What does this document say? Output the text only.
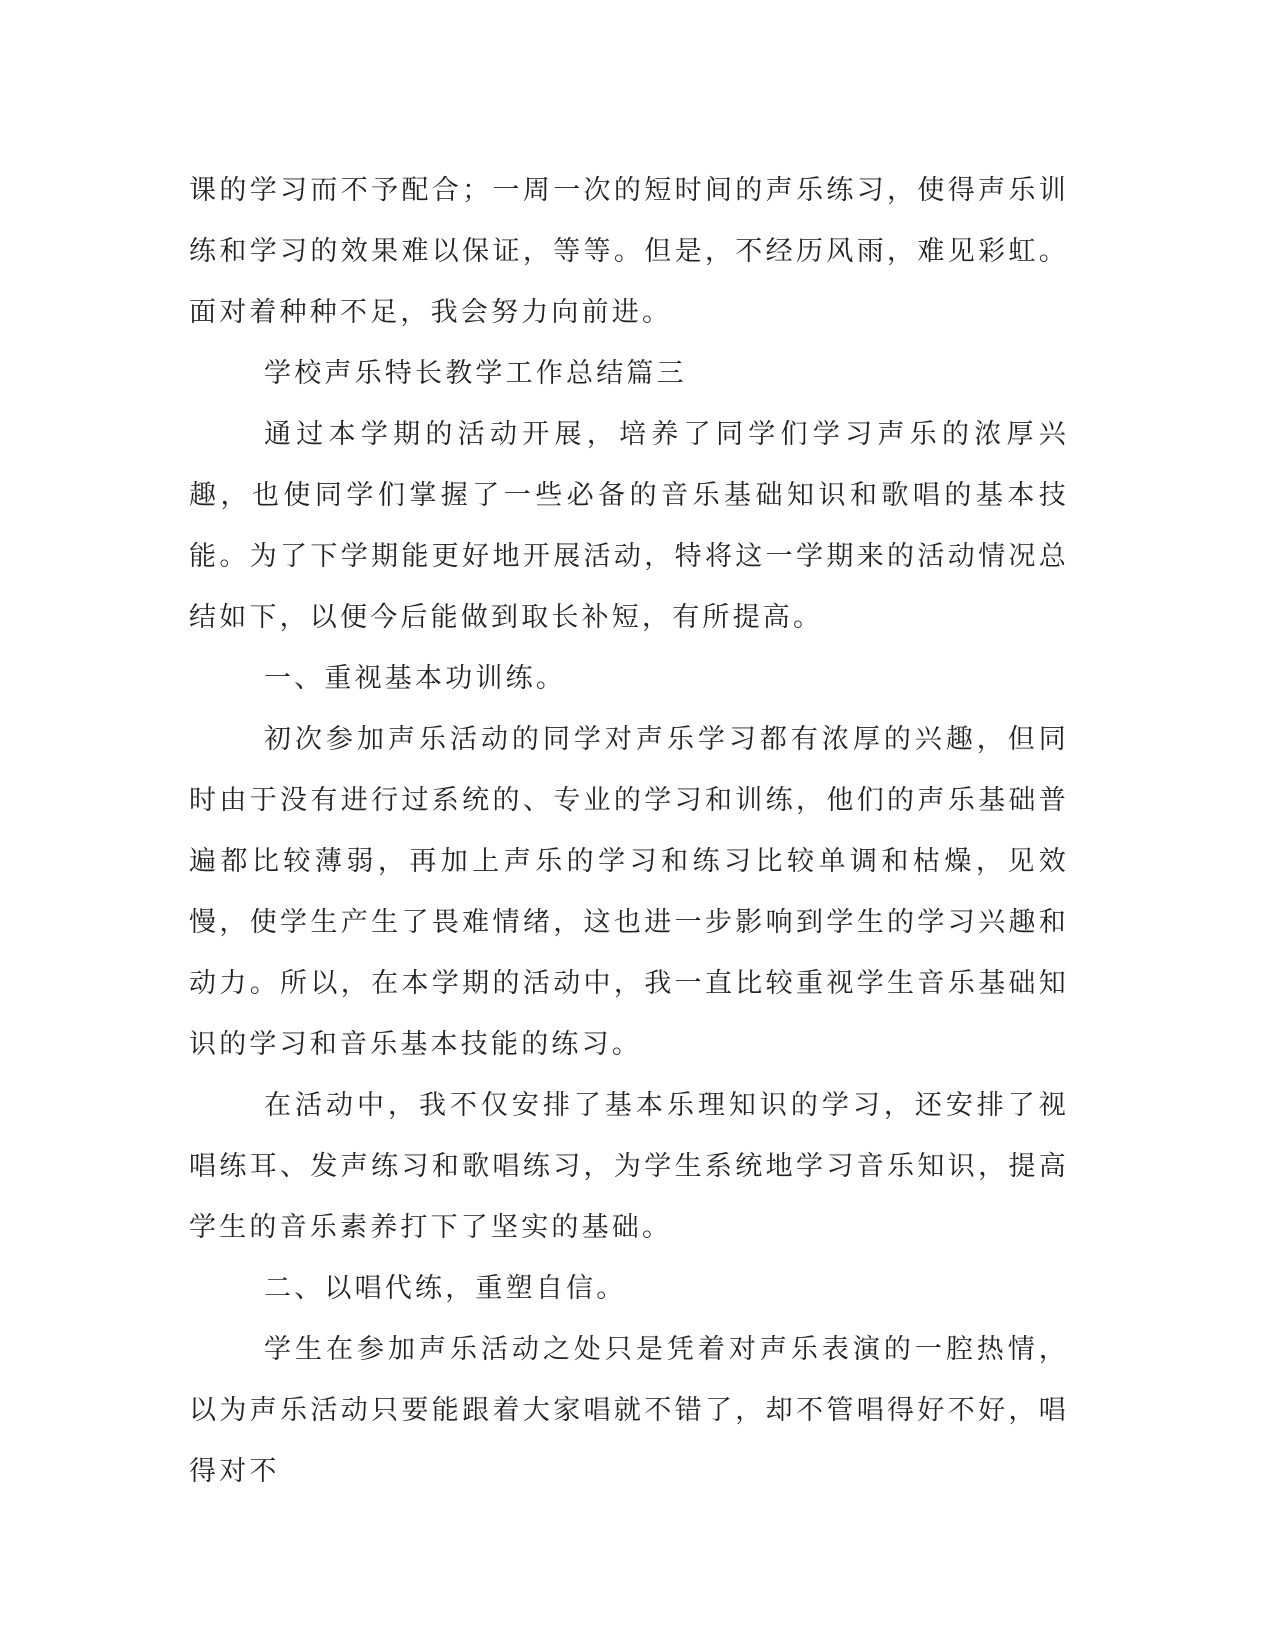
课的学习而不予配合；一周一次的短时间的声乐练习，使得声乐训练和学习的效果难以保证，等等。但是，不经历风雨，难见彩虹。面对着种种不足，我会努力向前进。

学校声乐特长教学工作总结篇三

通过本学期的活动开展，培养了同学们学习声乐的浓厚兴趣，也使同学们掌握了一些必备的音乐基础知识和歌唱的基本技能。为了下学期能更好地开展活动，特将这一学期来的活动情况总结如下，以便今后能做到取长补短，有所提高。

一、重视基本功训练。

初次参加声乐活动的同学对声乐学习都有浓厚的兴趣，但同时由于没有进行过系统的、专业的学习和训练，他们的声乐基础普遍都比较薄弱，再加上声乐的学习和练习比较单调和枯燥，见效慢，使学生产生了畏难情绪，这也进一步影响到学生的学习兴趣和动力。所以，在本学期的活动中，我一直比较重视学生音乐基础知识的学习和音乐基本技能的练习。

在活动中，我不仅安排了基本乐理知识的学习，还安排了视唱练耳、发声练习和歌唱练习，为学生系统地学习音乐知识，提高学生的音乐素养打下了坚实的基础。

二、以唱代练，重塑自信。

学生在参加声乐活动之处只是凭着对声乐表演的一腔热情，以为声乐活动只要能跟着大家唱就不错了，却不管唱得好不好，唱得对不
